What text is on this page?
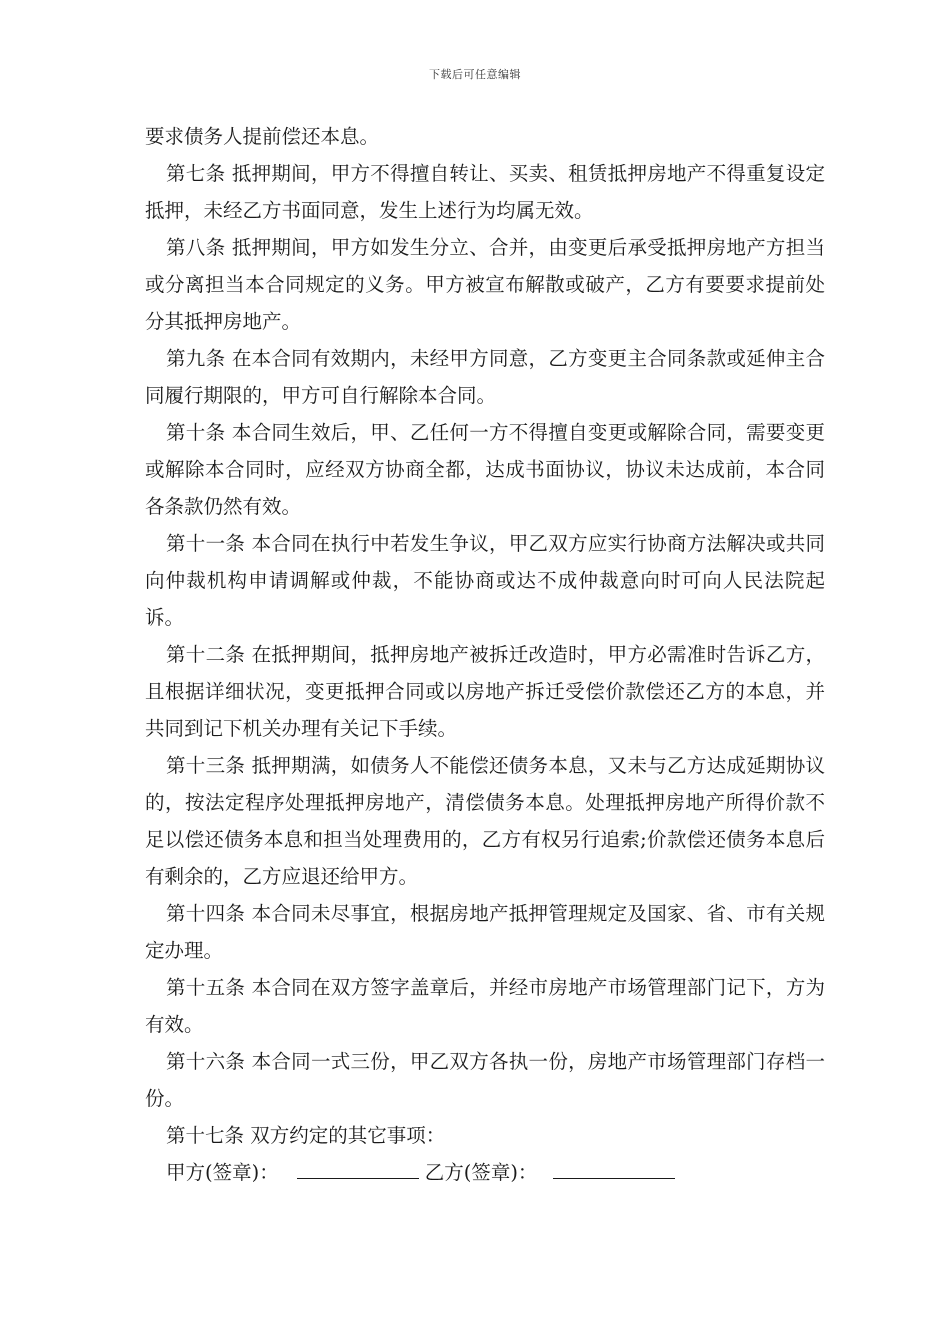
下载后可任意编辑

要求债务人提前偿还本息。

第七条 抵押期间，甲方不得擅自转让、买卖、租赁抵押房地产不得重复设定抵押，未经乙方书面同意，发生上述行为均属无效。

第八条 抵押期间，甲方如发生分立、合并，由变更后承受抵押房地产方担当或分离担当本合同规定的义务。甲方被宣布解散或破产，乙方有要要求提前处分其抵押房地产。

第九条 在本合同有效期内，未经甲方同意，乙方变更主合同条款或延伸主合同履行期限的，甲方可自行解除本合同。

第十条 本合同生效后，甲、乙任何一方不得擅自变更或解除合同，需要变更或解除本合同时，应经双方协商全都，达成书面协议，协议未达成前，本合同各条款仍然有效。

第十一条 本合同在执行中若发生争议，甲乙双方应实行协商方法解决或共同向仲裁机构申请调解或仲裁，不能协商或达不成仲裁意向时可向人民法院起诉。

第十二条 在抵押期间，抵押房地产被拆迁改造时，甲方必需准时告诉乙方，且根据详细状况，变更抵押合同或以房地产拆迁受偿价款偿还乙方的本息，并共同到记下机关办理有关记下手续。

第十三条 抵押期满，如债务人不能偿还债务本息，又未与乙方达成延期协议的，按法定程序处理抵押房地产，清偿债务本息。处理抵押房地产所得价款不足以偿还债务本息和担当处理费用的，乙方有权另行追索;价款偿还债务本息后有剩余的，乙方应退还给甲方。

第十四条 本合同未尽事宜，根据房地产抵押管理规定及国家、省、市有关规定办理。

第十五条 本合同在双方签字盖章后，并经市房地产市场管理部门记下，方为有效。

第十六条 本合同一式三份，甲乙双方各执一份，房地产市场管理部门存档一份。

第十七条 双方约定的其它事项：

甲方(签章)：	乙方(签章)：
